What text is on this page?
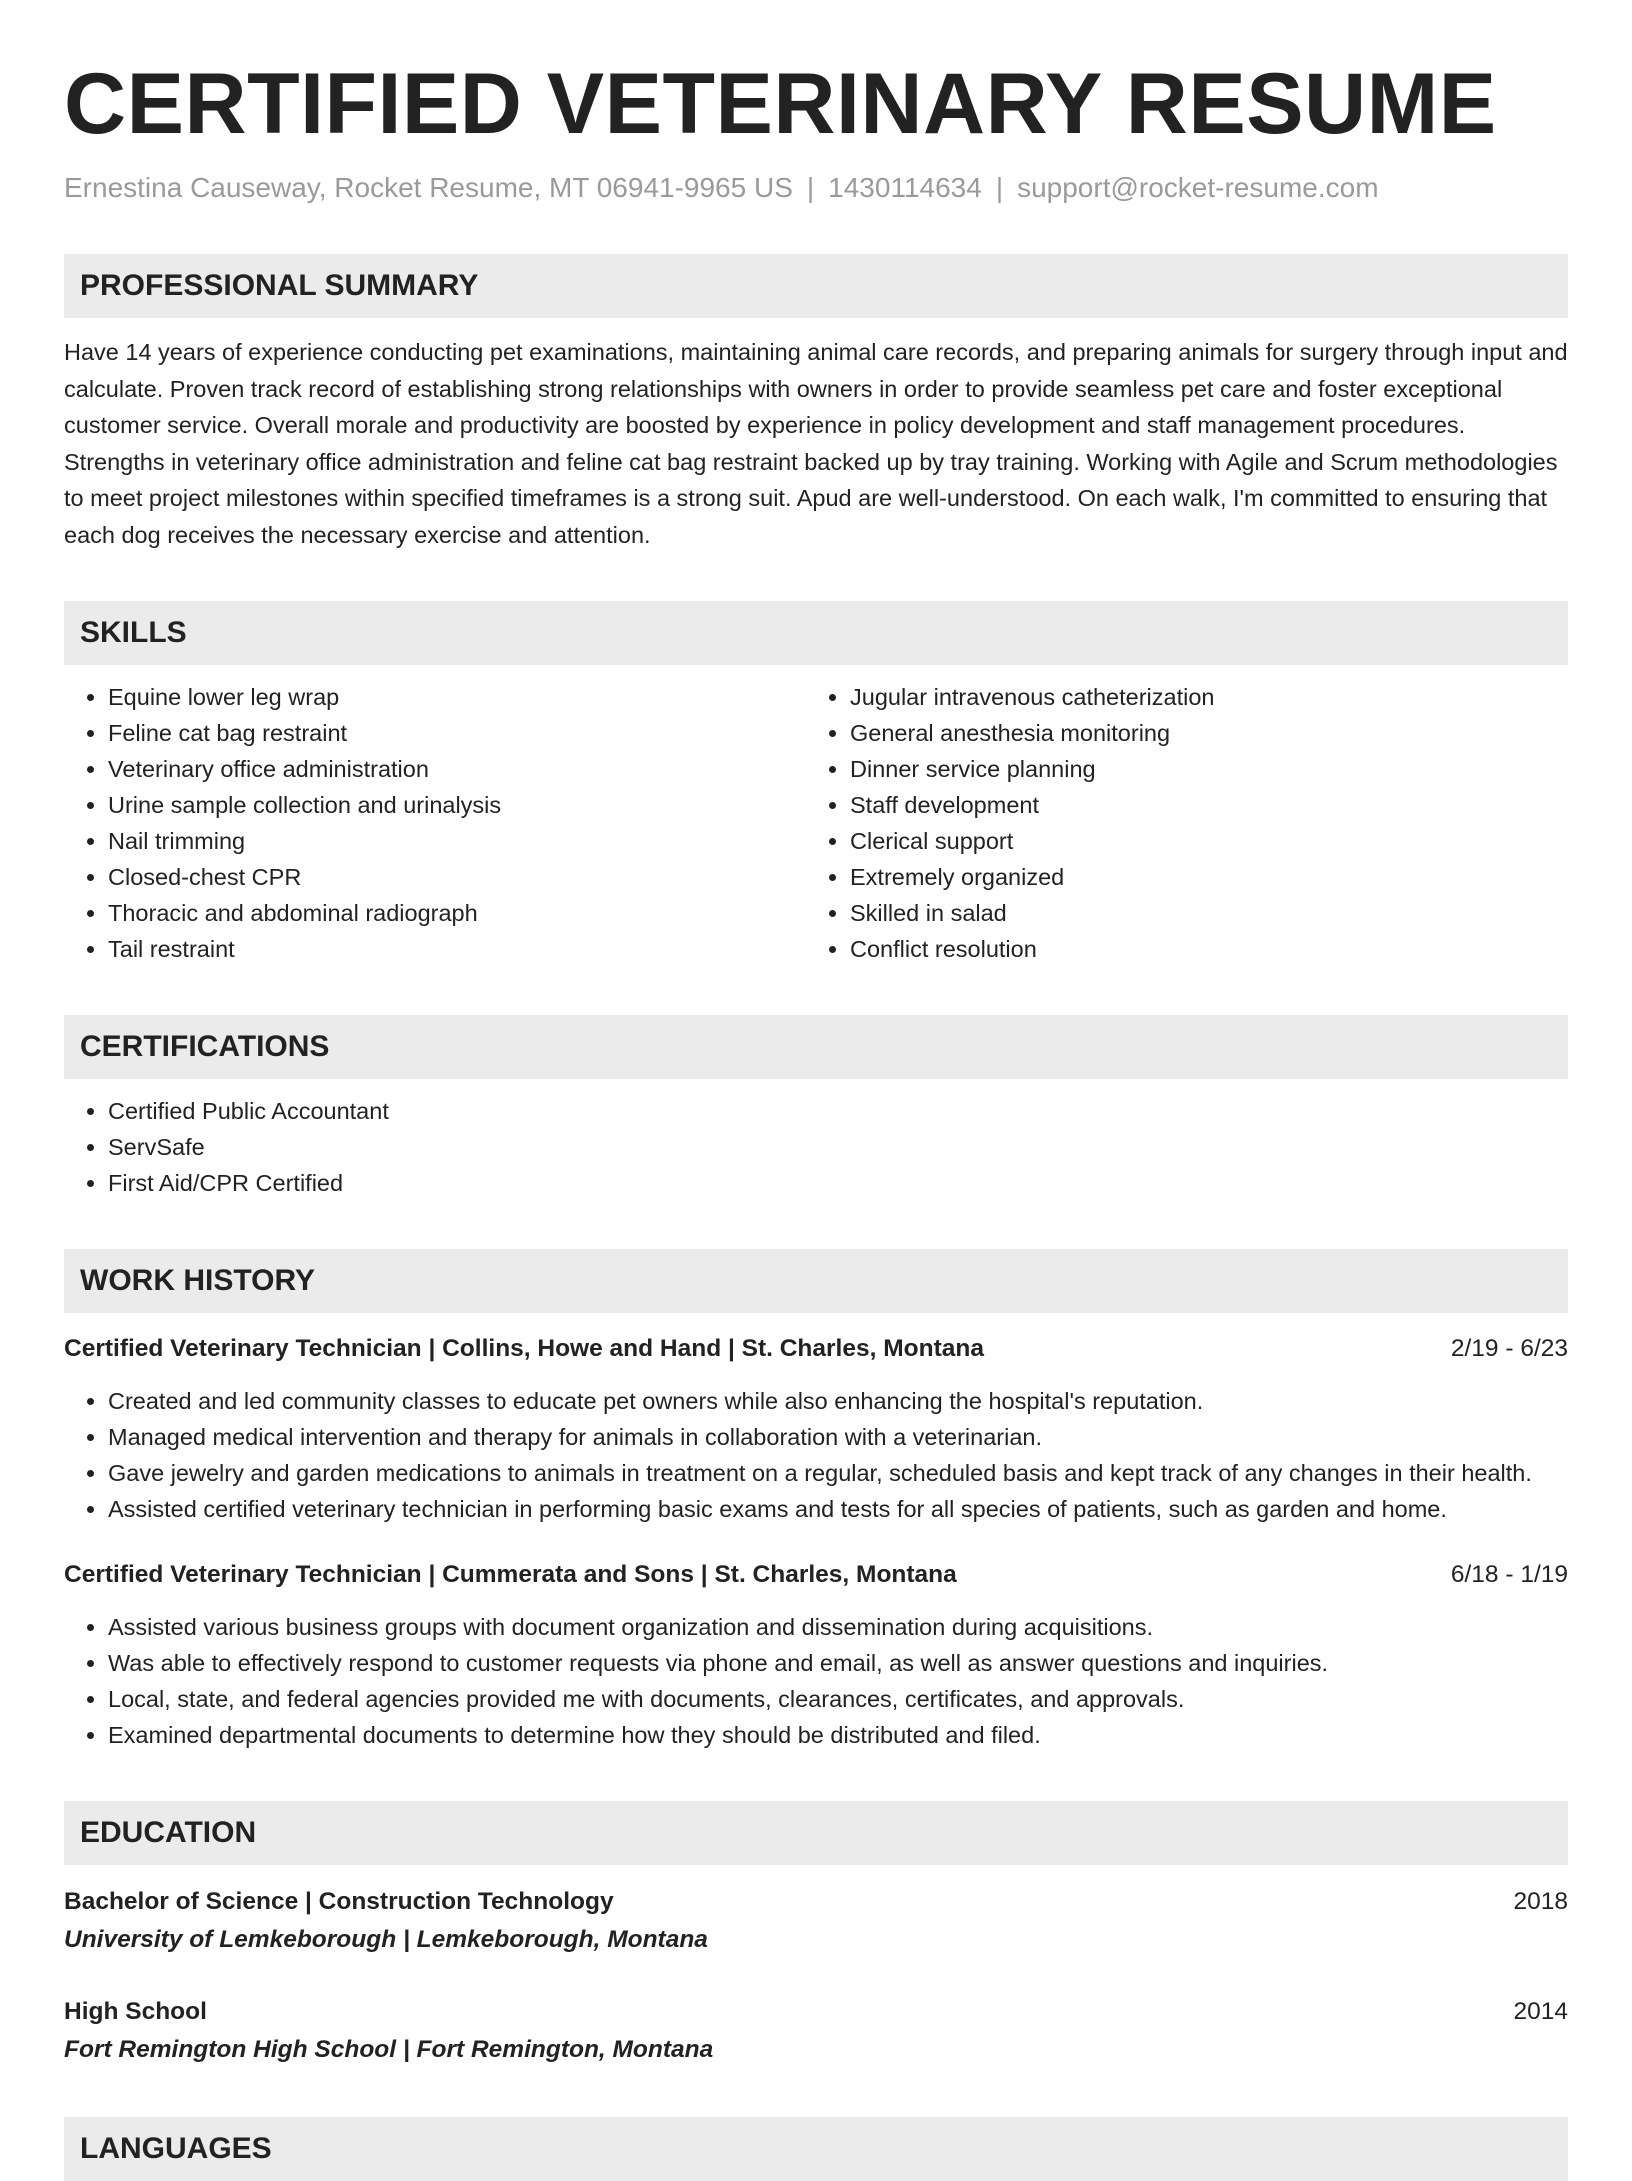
CERTIFIED VETERINARY RESUME
Ernestina Causeway, Rocket Resume, MT 06941-9965 US | 1430114634 | support@rocket-resume.com
PROFESSIONAL SUMMARY

Have 14 years of experience conducting pet examinations, maintaining animal care records, and preparing animals for surgery through input and calculate. Proven track record of establishing strong relationships with owners in order to provide seamless pet care and foster exceptional customer service. Overall morale and productivity are boosted by experience in policy development and staff management procedures. Strengths in veterinary office administration and feline cat bag restraint backed up by tray training. Working with Agile and Scrum methodologies to meet project milestones within specified timeframes is a strong suit. Apud are well-understood. On each walk, I'm committed to ensuring that each dog receives the necessary exercise and attention.

SKILLS
• Equine lower leg wrap
• Feline cat bag restraint
• Veterinary office administration
• Urine sample collection and urinalysis
• Nail trimming
• Closed-chest CPR
• Thoracic and abdominal radiograph
• Tail restraint
• Jugular intravenous catheterization
• General anesthesia monitoring
• Dinner service planning
• Staff development
• Clerical support
• Extremely organized
• Skilled in salad
• Conflict resolution
CERTIFICATIONS
• Certified Public Accountant
• ServSafe
• First Aid/CPR Certified
WORK HISTORY
Certified Veterinary Technician | Collins, Howe and Hand | St. Charles, Montana	2/19 - 6/23
• Created and led community classes to educate pet owners while also enhancing the hospital's reputation.
• Managed medical intervention and therapy for animals in collaboration with a veterinarian.
• Gave jewelry and garden medications to animals in treatment on a regular, scheduled basis and kept track of any changes in their health.
• Assisted certified veterinary technician in performing basic exams and tests for all species of patients, such as garden and home.
Certified Veterinary Technician | Cummerata and Sons | St. Charles, Montana	6/18 - 1/19
• Assisted various business groups with document organization and dissemination during acquisitions.
• Was able to effectively respond to customer requests via phone and email, as well as answer questions and inquiries.
• Local, state, and federal agencies provided me with documents, clearances, certificates, and approvals.
• Examined departmental documents to determine how they should be distributed and filed.
EDUCATION
Bachelor of Science | Construction Technology	2018
University of Lemkeborough | Lemkeborough, Montana
High School	2014
Fort Remington High School | Fort Remington, Montana
LANGUAGES
